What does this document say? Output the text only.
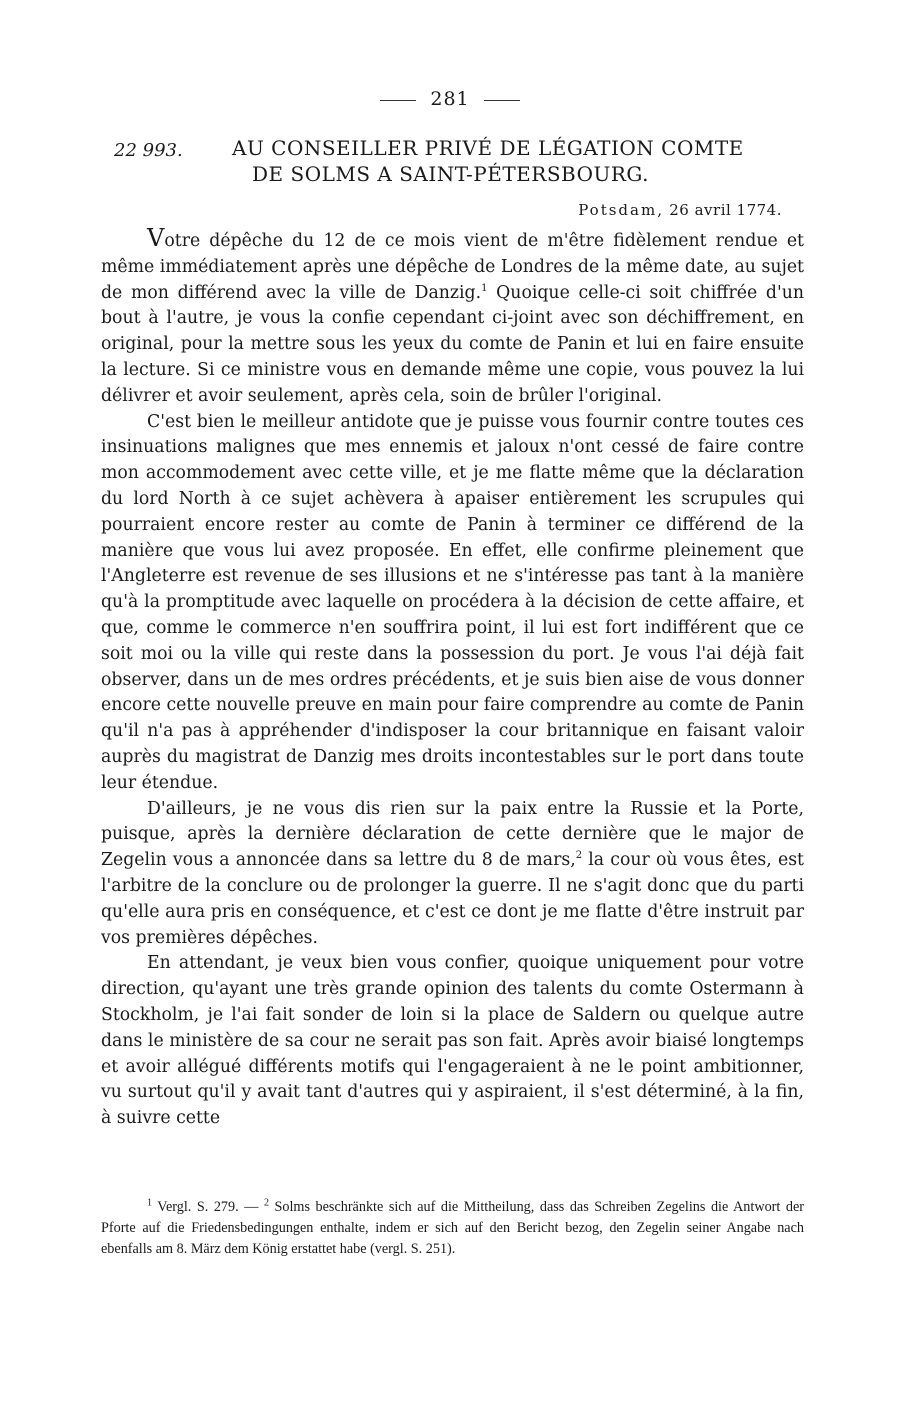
281
22 993. AU CONSEILLER PRIVÉ DE LÉGATION COMTE
DE SOLMS A SAINT-PÉTERSBOURG.
Potsdam, 26 avril 1774.

Votre dépêche du 12 de ce mois vient de m'être fidèlement rendue et même immédiatement après une dépêche de Londres de la même date, au sujet de mon différend avec la ville de Danzig.$^1$ Quoique celle-ci soit chiffrée d'un bout à l'autre, je vous la confie cependant ci-joint avec son déchiffrement, en original, pour la mettre sous les yeux du comte de Panin et lui en faire ensuite la lecture. Si ce ministre vous en demande même une copie, vous pouvez la lui délivrer et avoir seulement, après cela, soin de brûler l'original.

C'est bien le meilleur antidote que je puisse vous fournir contre toutes ces insinuations malignes que mes ennemis et jaloux n'ont cessé de faire contre mon accommodement avec cette ville, et je me flatte même que la déclaration du lord North à ce sujet achèvera à apaiser entièrement les scrupules qui pourraient encore rester au comte de Panin à terminer ce différend de la manière que vous lui avez proposée. En effet, elle confirme pleinement que l'Angleterre est revenue de ses illusions et ne s'intéresse pas tant à la manière qu'à la promptitude avec laquelle on procédera à la décision de cette affaire, et que, comme le commerce n'en souffrira point, il lui est fort indifférent que ce soit moi ou la ville qui reste dans la possession du port. Je vous l'ai déjà fait observer, dans un de mes ordres précédents, et je suis bien aise de vous donner encore cette nouvelle preuve en main pour faire comprendre au comte de Panin qu'il n'a pas à appréhender d'indisposer la cour britannique en faisant valoir auprès du magistrat de Danzig mes droits incontestables sur le port dans toute leur étendue.

D'ailleurs, je ne vous dis rien sur la paix entre la Russie et la Porte, puisque, après la dernière déclaration de cette dernière que le major de Zegelin vous a annoncée dans sa lettre du 8 de mars,$^2$ la cour où vous êtes, est l'arbitre de la conclure ou de prolonger la guerre. Il ne s'agit donc que du parti qu'elle aura pris en conséquence, et c'est ce dont je me flatte d'être instruit par vos premières dépêches.

En attendant, je veux bien vous confier, quoique uniquement pour votre direction, qu'ayant une très grande opinion des talents du comte Ostermann à Stockholm, je l'ai fait sonder de loin si la place de Saldern ou quelque autre dans le ministère de sa cour ne serait pas son fait. Après avoir biaisé longtemps et avoir allégué différents motifs qui l'engageraient à ne le point ambitionner, vu surtout qu'il y avait tant d'autres qui y aspiraient, il s'est déterminé, à la fin, à suivre cette

$^1$ Vergl. S. 279. — $^2$ Solms beschränkte sich auf die Mittheilung, dass das Schreiben Zegelins die Antwort der Pforte auf die Friedensbedingungen enthalte, indem er sich auf den Bericht bezog, den Zegelin seiner Angabe nach ebenfalls am 8. März dem König erstattet habe (vergl. S. 251).
